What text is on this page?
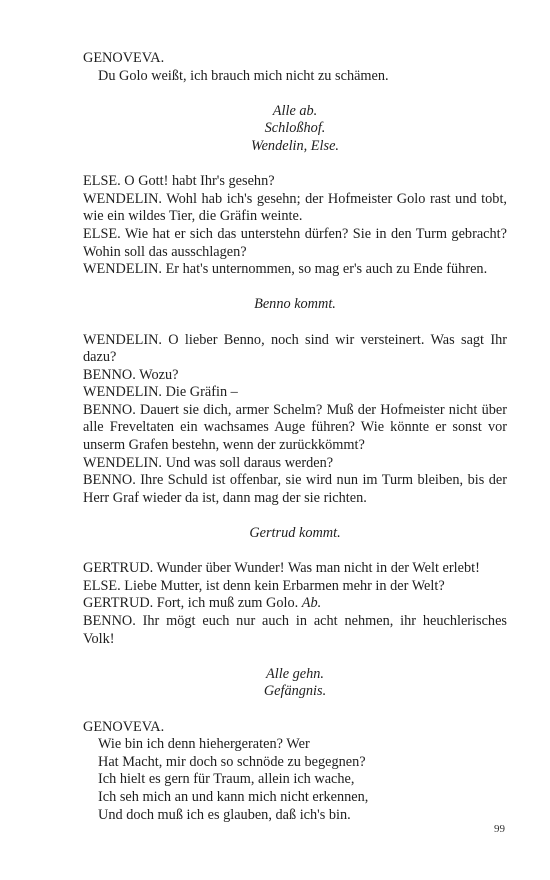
GENOVEVA.
Du Golo weißt, ich brauch mich nicht zu schämen.
Alle ab.
Schloßhof.
Wendelin, Else.
ELSE. O Gott! habt Ihr's gesehn?
WENDELIN. Wohl hab ich's gesehn; der Hofmeister Golo rast und tobt, wie ein wildes Tier, die Gräfin weinte.
ELSE. Wie hat er sich das unterstehn dürfen? Sie in den Turm gebracht? Wohin soll das ausschlagen?
WENDELIN. Er hat's unternommen, so mag er's auch zu Ende führen.
Benno kommt.
WENDELIN. O lieber Benno, noch sind wir versteinert. Was sagt Ihr dazu?
BENNO. Wozu?
WENDELIN. Die Gräfin –
BENNO. Dauert sie dich, armer Schelm? Muß der Hofmeister nicht über alle Freveltaten ein wachsames Auge führen? Wie könnte er sonst vor unserm Grafen bestehn, wenn der zurückkömmt?
WENDELIN. Und was soll daraus werden?
BENNO. Ihre Schuld ist offenbar, sie wird nun im Turm bleiben, bis der Herr Graf wieder da ist, dann mag der sie richten.
Gertrud kommt.
GERTRUD. Wunder über Wunder! Was man nicht in der Welt erlebt!
ELSE. Liebe Mutter, ist denn kein Erbarmen mehr in der Welt?
GERTRUD. Fort, ich muß zum Golo. Ab.
BENNO. Ihr mögt euch nur auch in acht nehmen, ihr heuchlerisches Volk!
Alle gehn.
Gefängnis.
GENOVEVA.
Wie bin ich denn hiehergeraten? Wer
Hat Macht, mir doch so schnöde zu begegnen?
Ich hielt es gern für Traum, allein ich wache,
Ich seh mich an und kann mich nicht erkennen,
Und doch muß ich es glauben, daß ich's bin.
99
